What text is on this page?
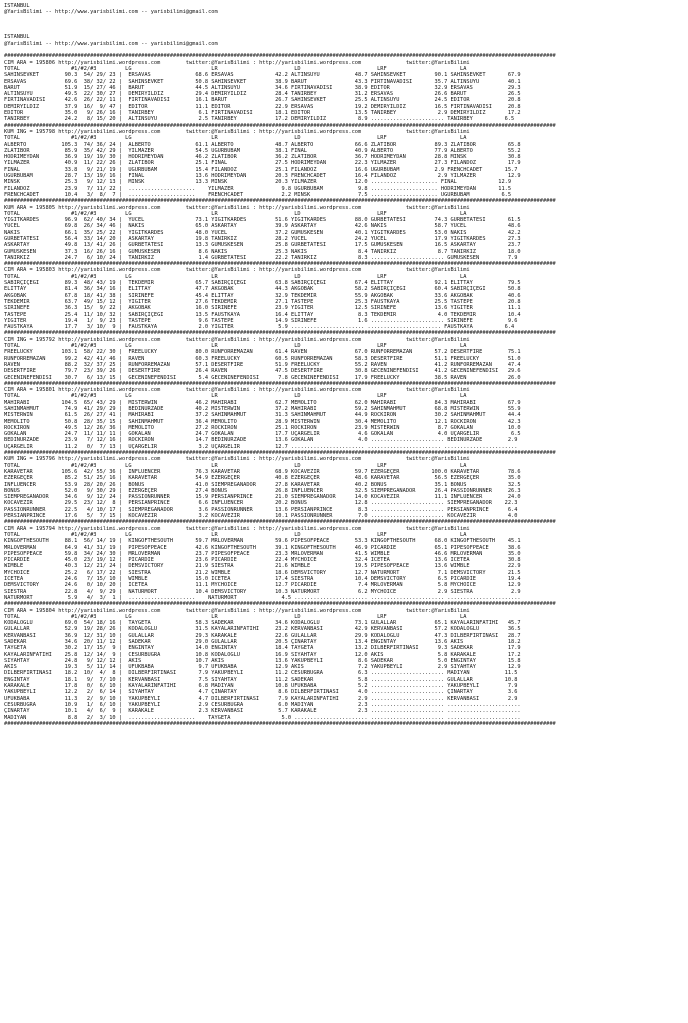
ISTANBUL
@YarisBilimi -- http://www.yarisbilimi.com -- yarisbilimi@gmail.com
ISTANBUL
@YarisBilimi -- http://www.yarisbilimi.com -- yarisbilimi@gmail.com
#############################################################################################################################################################################
CIM ARA = 195806 http://yarisbilimi.wordpress.com        twitter:@YarisBilimi : http://yarisbilimi.wordpress.com              twitter:@YarisBilimi
TOTAL                #1/#2/#3         LG                         LR                        LD                        LRF                       LA
SAHINSEVKET        90.3  54/ 29/ 23 |  ERSAVAS              68.6 ERSAVAS             42.2 ALTINSUYU           48.7 SAHINSEVKET         90.1 SAHINSEVKET       67.9
ERSAVAS            69.6  38/ 32/ 22 |  SAHINSEVKET          50.8 SAHINSEVKET         38.9 BARUT               43.3 FIRTINAVADISI       35.7 ALTINSUYU         40.1
BARUT              51.9  15/ 27/ 46 |  BARUT                44.5 ALTINSUYU           34.6 FIRTINAVADISI       38.9 EDITÖR              32.9 ERSAVAS           29.3
ALTINSUYU          49.5  22/ 30/ 27 |  DEMIRYILDIZ          29.4 DEMIRYILDIZ         28.4 TANIRBEY            31.2 ERSAVAS             26.6 BARUT             26.5
FIRTINAVADISI      42.6  26/ 22/ 11 |  FIRTINAVADISI        16.1 BARUT               26.7 SAHINSEVKET         25.5 ALTINSUYU           24.5 EDITÖR            20.8
DEMIRYILDIZ        37.9  16/  9/ 47 |  EDITÖR               11.1 EDITÖR              22.9 ERSAVAS             19.2 DEMIRYILDIZ         16.5 FIRTINAVADISI     20.8
EDITÖR             35.0   9/ 26/ 16 |  TANIRBEY              6.1 FIRTINAVADISI       18.1 EDITÖR              13.5 TANIRBEY             2.9 DEMIRYILDIZ       17.2
TANIRBEY           24.2   8/ 15/ 20 |  ALTINSUYU             2.5 TANIRBEY            17.2 DEMIRYILDIZ          8.9 ....................... TANIRBEY          6.5
#############################################################################################################################################################################
KUM ING = 195798 http://yarisbilimi.wordpress.com        twitter:@YarisBilimi : http://yarisbilimi.wordpress.com              twitter:@YarisBilimi
TOTAL                #1/#2/#3         LG                         LR                        LD                        LRF                       LA
ALBERTO           105.3  74/ 36/ 24 |  ALBERTO              61.1 ALBERTO             48.7 ALBERTO             66.6 ZLATIBOR            89.3 ZLATIBOR          65.8
ZLATIBOR           85.9  35/ 42/ 29 |  YILMAZER             54.5 UGURBUBAM           38.1 FINAL               40.9 ALBERTO             77.9 ALBERTO           55.2
HODRIMEYDAN        36.9  19/ 19/ 30 |  HODRIMEYDAN          46.2 ZLATIBOR            36.2 ZLATIBOR            36.7 HODRIMEYDAN         28.8 MINSK             30.8
YILMAZER           40.9  11/ 22/ 26 |  ZLATIBOR             25.1 FINAL               27.5 HODRIMEYDAN         22.3 YILMAZER            27.3 FILANDOZ          17.9
FINAL              33.8   9/ 21/ 19 |  UGURBUBAM            15.4 FILANDOZ            25.1 FILANDOZ            16.6 UGURBUBAM           2.9 FRENCHCADET       15.7
UGURBUBAM          28.7  13/ 19/ 16 |  FINAL                13.6 HODRIMEYDAN         20.3 FRENCHCADET         16.4 FILANDOZ             2.9 YILMAZER          12.9
MINSK              25.3   9/ 12/ 13 |  MINSK                13.3 MINSK               20.3 YILMAZER            12.0 ..................... FINAL             12.9
FILANDOZ           23.9   7/ 11/ 22 |  .....................    YILMAZER               9.8 UGURBUBAM           9.8 ..................... HODRIMEYDAN       11.5
FRENCHCADET        10.4   3/  8/  7 |  .....................    FRENCHCADET            2.2 MINSK               7.5 ..................... UGURBUBAM          6.5
#############################################################################################################################################################################
KUM ARA = 195805 http://yarisbilimi.wordpress.com        twitter:@YarisBilimi : http://yarisbilimi.wordpress.com              twitter:@YarisBilimi
TOTAL                #1/#2/#3         LG                         LR                        LD                        LRF                       LA
YIGITKARDES        96.9  62/ 40/ 34 |  YÜCEL                73.1 YIGITKARDES         51.6 YIGITKARDES         88.0 GURBETATESI         74.3 GURBETATESI       61.5
YÜCEL              69.8  26/ 34/ 46 |  NAKIS                65.0 ASKARTAY            39.9 ASKARTAY            42.6 NAKIS               58.7 YÜCEL             48.6
NAKIS              66.1  35/ 25/ 22 |  YIGITKARDES          48.0 YÜCEL               37.2 GÜMÜSKESEN          40.1 YIGITKARDES         53.0 NAKIS             42.2
GURBETATESI        56.4  33/ 14/ 20 |  ASKARTAY             19.8 TANIRKIZ            28.2 YÜCEL               24.2 YÜCEL               17.9 YIGITKARDES       27.3
ASKARTAY           49.8  13/ 41/ 26 |  GURBETATESI          13.3 GÜMÜSKESEN          25.8 GURBETATESI         17.5 GÜMÜSKESEN          16.5 ASKARTAY          23.7
GÜMÜSKESEN         37.3  16/ 26/ 16 |  GÜMÜSKESEN            8.6 NAKIS               25.3 NAKIS                8.4 TANIRKIZ             8.7 TANIRKIZ          18.0
TANIRKIZ           24.7   6/ 10/ 24 |  TANIRKIZ              1.4 GURBETATESI         22.2 TANIRKIZ             8.3 ....................... GÜMÜSKESEN         7.9
#############################################################################################################################################################################
CIM ARA = 195803 http://yarisbilimi.wordpress.com        twitter:@YarisBilimi : http://yarisbilimi.wordpress.com              twitter:@YarisBilimi
TOTAL                #1/#2/#3         LG                         LR                        LD                        LRF                       LA
SABIRÇIÇEGI        89.3  48/ 43/ 19 |  TEKDEMIR             65.7 SABIRÇIÇEGI         63.8 SABIRÇIÇEGI         67.4 ELITTAY             92.1 ELITTAY           79.5
ELITTAY            81.4  36/ 34/ 16 |  ELITTAY              47.7 AKGOBAK             44.3 AKGOBAK             58.2 SABIRÇIÇEGI         60.4 SABIRÇIÇEGI       50.8
AKGOBAK            67.8  18/ 41/ 38 |  SIRINEFE             45.4 ELITTAY             32.9 TEKDEMIR            55.9 AKGOBAK             33.6 AKGOBAK           40.6
TEKDEMIR           63.7  49/ 15/ 12 |  YIGITER              27.6 TEKDEMIR            27.1 TASTEPE             25.3 FAUSTKAYA           25.5 TASTEPE           20.8
SIRINEFE           36.3  15/  9/ 22 |  AKGOBAK              16.0 SIRINEFE            23.9 YIGITER             12.5 SIRINEFE            13.6 YIGITER           11.1
TASTEPE            25.4  11/ 10/ 32 |  SABIRÇIÇEGI          13.5 FAUSTKAYA           16.4 ELITTAY              8.3 TEKDEMIR             4.0 TEKDEMIR          10.4
YIGITER            19.4   1/  9/ 23 |  TASTEPE               9.6 TASTEPE             14.9 SIRINEFE             1.6 ....................... SIRINEFE           9.6
FAUSTKAYA          17.7   3/ 10/  9 |  FAUSTKAYA             2.0 YIGITER              5.9 ....................... ....................... FAUSTKAYA          6.4
#############################################################################################################################################################################
CIM ING = 195792 http://yarisbilimi.wordpress.com        twitter:@YarisBilimi : http://yarisbilimi.wordpress.com              twitter:@YarisBilimi
TOTAL                #1/#2/#3         LG                         LR                        LD                        LRF                       LA
FREELUCKY         103.1  58/ 22/ 30 |  FREELUCKY            80.0 RUNFORREMAZAN       61.4 RAVEN               67.0 RUNFORREMAZAN       57.2 DESERTFIRE        75.1
RUNFORREMAZAN      99.2  42/ 41/ 46 |  RAVEN                60.3 FREELUCKY           60.5 RUNFORREMAZAN       58.3 DESERTFIRE          51.1 FREELUCKY         51.0
RAVEN              88.2  32/ 37/ 25 |  RUNFORREMAZAN        57.1 DESERTFIRE          51.9 FREELUCKY           55.2 RAVEN               41.2 RUNFORREMAZAN     47.4
DESERTFIRE         79.7  23/ 39/ 26 |  DESERTFIRE           26.4 RAVEN               47.5 DESERTFIRE          30.8 GECENINEFENDISI     41.2 GECENINEFENDISI   29.6
GECENINEFENDISI    30.7   6/ 13/ 15 |  GECENINEFENDISI       5.4 GECENINEFENDISI      7.8 GECENINEFENDISI     17.9 FREELUCKY           38.5 RAVEN             26.0
#############################################################################################################################################################################
CIM ARA = 195801 http://yarisbilimi.wordpress.com        twitter:@YarisBilimi : http://yarisbilimi.wordpress.com              twitter:@YarisBilimi
TOTAL                #1/#2/#3         LG                         LR                        LD                        LRF                       LA
MAHIRABI          104.5  65/ 43/ 29 |  MISTERWIN            46.2 MAHIRABI            62.7 MEMOLITO            62.0 MAHIRABI            84.3 MAHIRABI          67.9
SAHINMAHMUT        74.9  41/ 29/ 29 |  BEDINURZADE          40.2 MISTERWIN           37.2 MAHIRABI            59.2 SAHINMAHMUT         68.8 MISTERWIN         55.9
MISTERWIN          61.5  26/ 27/ 41 |  MAHIRABI             37.2 SAHINMAHMUT         31.3 SAHINMAHMUT         44.9 ROCKIRON            30.2 SAHINMAHMUT       44.4
MEMOLITO           50.8  28/ 35/ 15 |  SAHINMAHMUT          36.4 MEMOLITO            28.9 MISTERWIN           30.4 MEMOLITO            12.1 ROCKIRON          42.3
ROCKIRON           49.5  12/ 26/ 36 |  MEMOLITO             27.2 ROCKIRON            25.1 ROCKIRON            23.9 MISTERWIN            8.7 GÖKALAN           10.0
GÖKALAN            24.7  11/ 11/ 11 |  GÖKALAN              24.7 GÖKALAN             17.7 UÇARGELIR            4.6 GÖKALAN              4.0 UÇARGELIR          6.5
BEDINURZADE        23.9   7/ 12/ 16 |  ROCKIRON             14.7 BEDINURZADE         13.6 GÖKALAN              4.0 ....................... BEDINURZADE        2.9
UÇARGELIR          11.2   0/  7/ 13 |  UÇARGELIR             3.2 UÇARGELIR           12.7 ....................... ....................... .......................
#############################################################################################################################################################################
KUM ING = 195796 http://yarisbilimi.wordpress.com        twitter:@YarisBilimi : http://yarisbilimi.wordpress.com              twitter:@YarisBilimi
TOTAL                #1/#2/#3         LG                         LR                        LD                        LRF                       LA
KARAVETAR         105.6  42/ 55/ 36 |  INFLUENCER           76.3 KARAVETAR           68.9 KOCAVEZIR           59.7 EZERGEÇER          100.0 KARAVETAR         78.6
EZERGEÇER          85.2  51/ 25/ 16 |  KARAVETAR            54.9 EZERGEÇER           40.8 EZERGEÇER           48.6 KARAVETAR           56.5 EZERGEÇER         35.0
INFLUENCER         53.9  28/ 20/ 26 |  BONUS                41.0 SIEMPREGANADOR      27.8 KARAVETAR           40.2 BONUS               35.1 BONUS             32.5
BONUS              52.0   9/ 30/ 29 |  EZERGEÇER            27.4 BONUS               26.8 INFLUENCER          32.5 SIEMPREGANADOR      26.4 PASSIONRUNNER     26.3
SIEMPREGANADOR     34.6   9/ 12/ 24 |  PASSIONRUNNER        15.9 PERSIANPRINCE       21.0 SIEMPREGANADOR      14.0 KOCAVEZIR           11.1 INFLUENCER        24.0
KOCAVEZIR          29.5  23/ 12/  8 |  PERSIANPRINCE         6.6 INFLUENCER          20.2 BONUS               12.8 ....................... SIEMPREGANADOR    22.3
PASSIONRUNNER      22.5   4/ 10/ 17 |  SIEMPREGANADOR        3.6 PASSIONRUNNER       13.6 PERSIANPRINCE        8.3 ....................... PERSIANPRINCE      6.4
PERSIANPRINCE      17.6   5/  7/ 15 |  KOCAVEZIR             3.2 KOCAVEZIR           10.1 PASSIONRUNNER        7.0 ....................... KOCAVEZIR          4.0
#############################################################################################################################################################################
CIM ARA = 195794 http://yarisbilimi.wordpress.com        twitter:@YarisBilimi : http://yarisbilimi.wordpress.com              twitter:@YarisBilimi
TOTAL                #1/#2/#3         LG                         LR                        LD                        LRF                       LA
KINGOFTHESOUTH     88.1  56/ 14/ 19 |  KINGOFTHESOUTH       59.7 MRLOVERMAN          59.6 PIPESOFPEACE        53.3 KINGOFTHESOUTH      68.0 KINGOFTHESOUTH    45.1
MRLOVERMAN         64.9  41/ 31/ 19 |  PIPESOFPEACE         42.6 KINGOFTHESOUTH      39.1 KINGOFTHESOUTH      46.9 PICARDIE            65.1 PIPESOFPEACE      38.6
PIPESOFPEACE       59.8  34/ 24/ 30 |  MRLOVERMAN           23.7 PIPESOFPEACE        23.3 MRLOVERMAN          41.5 WIMBLE              46.6 MRLOVERMAN        35.0
PICARDIE           45.0  23/ 19/ 12 |  PICARDIE             23.6 PICARDIE            22.4 MYCHOICE            32.4 ICETEA              13.6 ICETEA            30.8
WIMBLE             40.3  12/ 21/ 24 |  DEMSVICTORY          21.9 SIESTRA             21.6 WIMBLE              19.5 PIPESOFPEACE        13.6 WIMBLE            22.9
MYCHOICE           25.2   6/ 17/ 22 |  SIESTRA              21.2 WIMBLE              18.6 DEMSVICTORY         12.7 NATURMORT            7.1 DEMSVICTORY       21.5
ICETEA             24.6   7/ 15/ 10 |  WIMBLE               15.0 ICETEA              17.4 SIESTRA             10.4 DEMSVICTORY          6.5 PICARDIE          19.4
DEMSVICTORY        24.6   0/ 10/ 20 |  ICETEA               11.1 MYCHOICE            12.7 PICARDIE             7.4 MRLOVERMAN           5.8 MYCHOICE          12.9
SIESTRA            22.8   4/  9/ 29 |  NATURMORT            10.4 DEMSVICTORY         10.3 NATURMORT            6.2 MYCHOICE             2.9 SIESTRA            2.9
NATURMORT           5.9   4/  3/  1 |  .....................    NATURMORT              4.5 ....................... ....................... .......................
#############################################################################################################################################################################
CIM ARA = 195804 http://yarisbilimi.wordpress.com        twitter:@YarisBilimi : http://yarisbilimi.wordpress.com              twitter:@YarisBilimi
TOTAL                #1/#2/#3         LG                         LR                        LD                        LRF                       LA
KODALOGLU          69.0  54/ 18/ 16 |  TAYGETA              58.3 SADEKAR             34.6 KODALOGLU           73.1 GÜLALLAR            65.1 KAYALARINFATIHI   45.7
GÜLALLAR           52.9  19/ 28/ 26 |  KODALOGLU            31.5 KAYALARINFATIHI     23.2 KERVANBASI          42.9 KERVANBASI          57.2 KODALOGLU         36.5
KERVANBASI         36.9  12/ 31/ 10 |  GÜLALLAR             29.3 KARAKALE            22.6 GÜLALLAR            29.9 KODALOGLU           47.3 DILBERFIRTINASI   28.7
SADEKAR            34.6  20/ 11/ 12 |  SADEKAR              29.0 GÜLALLAR            20.5 ÇINARTAY            13.4 ENGINTAY            13.6 AKIS              18.2
TAYGETA            30.2  17/ 15/  9 |  ENGINTAY             14.0 ENGINTAY            18.4 TAYGETA             13.2 DILBERFIRTINASI      9.3 SADEKAR           17.9
KAYALARINFATIHI    25.8  12/ 14/  9 |  CESURBUGRA           10.8 KODALOGLU           16.9 SIYAHTAY            12.0 AKIS                 5.8 KARAKALE          17.2
SIYAHTAY           24.8   9/ 12/ 12 |  AKIS                 10.7 AKIS                13.6 YAKUPBEYLI           8.6 SADEKAR              5.0 ENGINTAY          15.8
AKIS               19.3   5/ 11/ 14 |  UFUKBABA              9.7 UFUKBABA            12.9 AKIS                 7.2 YAKUPBEYLI           2.9 SIYAHTAY          12.9
DILBERFIRTINASI    18.2  10/  4/  8 |  DILBERFIRTINASI       7.9 YAKUPBEYLI          11.2 CESURBUGRA           6.3 ....................... MADIYAN           11.5
ENGINTAY           18.1   9/  7/ 10 |  KERVANBASI            7.5 SIYAHTAY            11.2 SADEKAR              5.8 ....................... GÜLALLAR          10.8
KARAKALE           17.8   0/  6/ 10 |  KAYALARINFATIHI       6.8 MADIYAN             10.8 UFUKBABA             5.2 ....................... YAKUPBEYLI         7.9
YAKUPBEYLI         12.2   2/  6/ 14 |  SIYAHTAY              4.7 ÇINARTAY             8.6 DILBERFIRTINASI      4.0 ....................... ÇINARTAY           3.6
UFUKBABA           11.3   2/  9/ 10 |  YAKUPBEYLI            4.7 DILBERFIRTINASI      7.9 KAYALARINFATIHI      2.9 ....................... KERVANBASI         2.9
CESURBUGRA         10.9   1/  6/ 10 |  YAKUPBEYLI            2.9 CESURBUGRA           6.0 MADIYAN              2.3 ....................... .......................
ÇINARTAY           10.1   4/  6/  9 |  KARAKALE              2.3 KERVANBASI           5.7 KARAKALE             2.3 ....................... .......................
MADIYAN             8.8   2/  3/ 10 |  .....................    TAYGETA                5.0 ....................... ....................... .......................
#############################################################################################################################################################################
